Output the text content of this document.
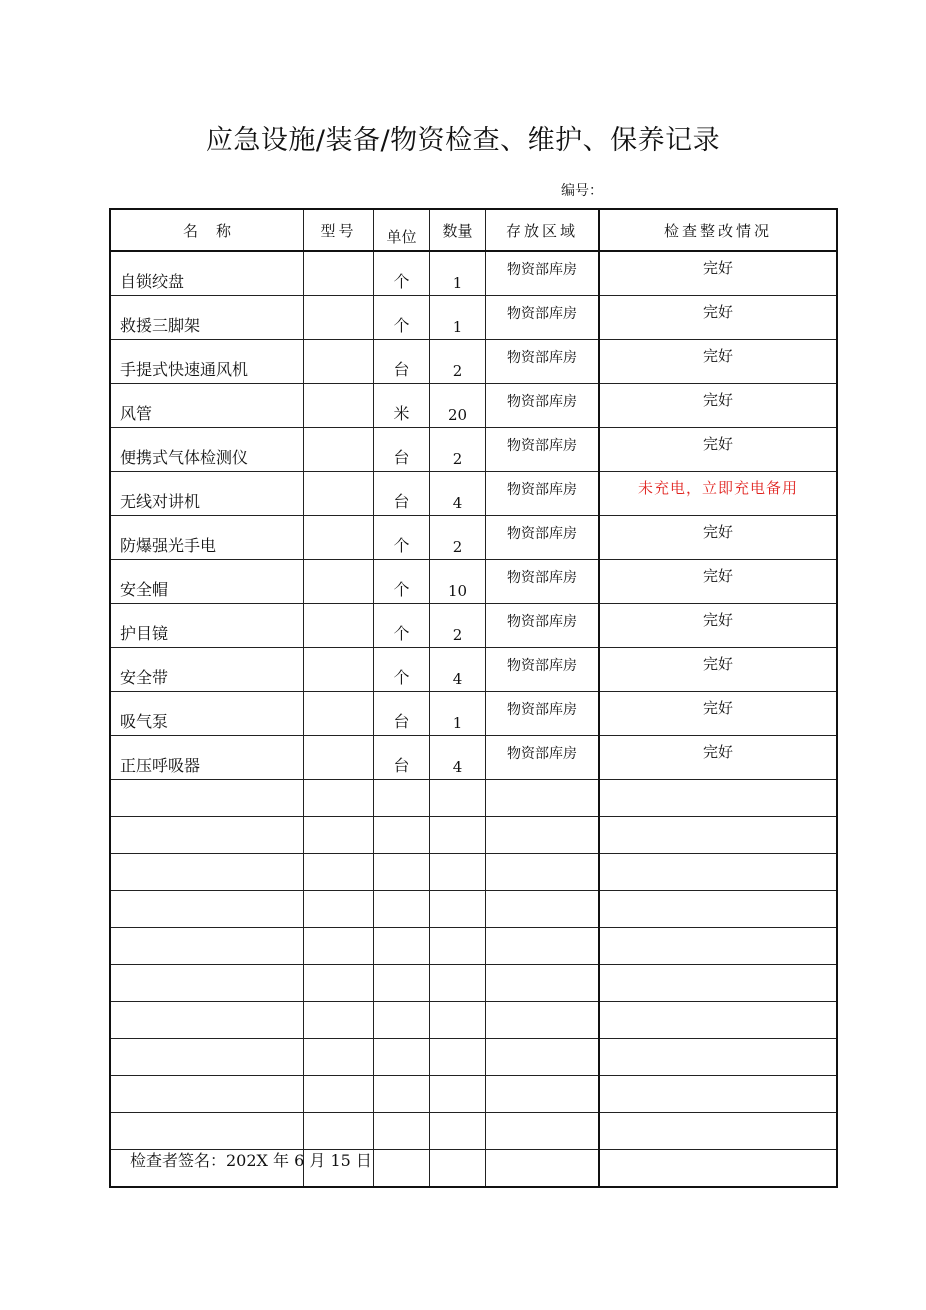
应急设施/装备/物资检查、维护、保养记录
编号：
名称	型号	单位	数量	存放区域	检查整改情况
自锁绞盘		个	1	物资部库房	完好
救援三脚架		个	1	物资部库房	完好
手提式快速通风机		台	2	物资部库房	完好
风管		米	20	物资部库房	完好
便携式气体检测仪		台	2	物资部库房	完好
无线对讲机		台	4	物资部库房	未充电，立即充电备用
防爆强光手电		个	2	物资部库房	完好
安全帽		个	10	物资部库房	完好
护目镜		个	2	物资部库房	完好
安全带		个	4	物资部库房	完好
吸气泵		台	1	物资部库房	完好
正压呼吸器		台	4	物资部库房	完好

检查者签名：202X 年 6 月 15 日
